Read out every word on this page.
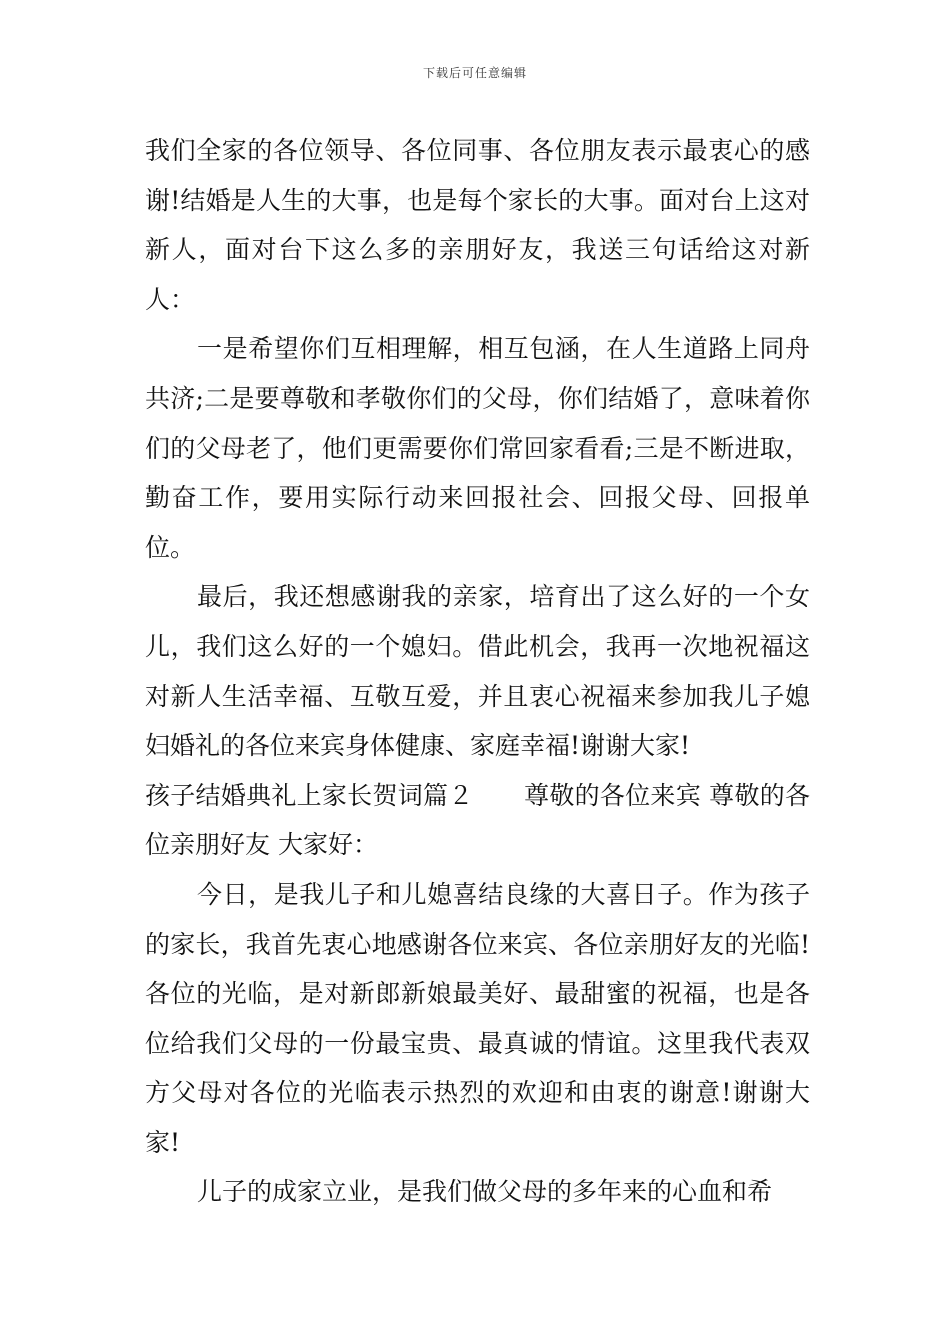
下载后可任意编辑

我们全家的各位领导、各位同事、各位朋友表示最衷心的感谢!结婚是人生的大事，也是每个家长的大事。面对台上这对新人，面对台下这么多的亲朋好友，我送三句话给这对新人：

一是希望你们互相理解，相互包涵，在人生道路上同舟共济;二是要尊敬和孝敬你们的父母，你们结婚了，意味着你们的父母老了，他们更需要你们常回家看看;三是不断进取，勤奋工作，要用实际行动来回报社会、回报父母、回报单位。

最后，我还想感谢我的亲家，培育出了这么好的一个女儿，我们这么好的一个媳妇。借此机会，我再一次地祝福这对新人生活幸福、互敬互爱，并且衷心祝福来参加我儿子媳妇婚礼的各位来宾身体健康、家庭幸福!谢谢大家!

孩子结婚典礼上家长贺词篇２　　尊敬的各位来宾 尊敬的各位亲朋好友 大家好：

今日，是我儿子和儿媳喜结良缘的大喜日子。作为孩子的家长，我首先衷心地感谢各位来宾、各位亲朋好友的光临!各位的光临，是对新郎新娘最美好、最甜蜜的祝福，也是各位给我们父母的一份最宝贵、最真诚的情谊。这里我代表双方父母对各位的光临表示热烈的欢迎和由衷的谢意!谢谢大家!

儿子的成家立业，是我们做父母的多年来的心血和希
